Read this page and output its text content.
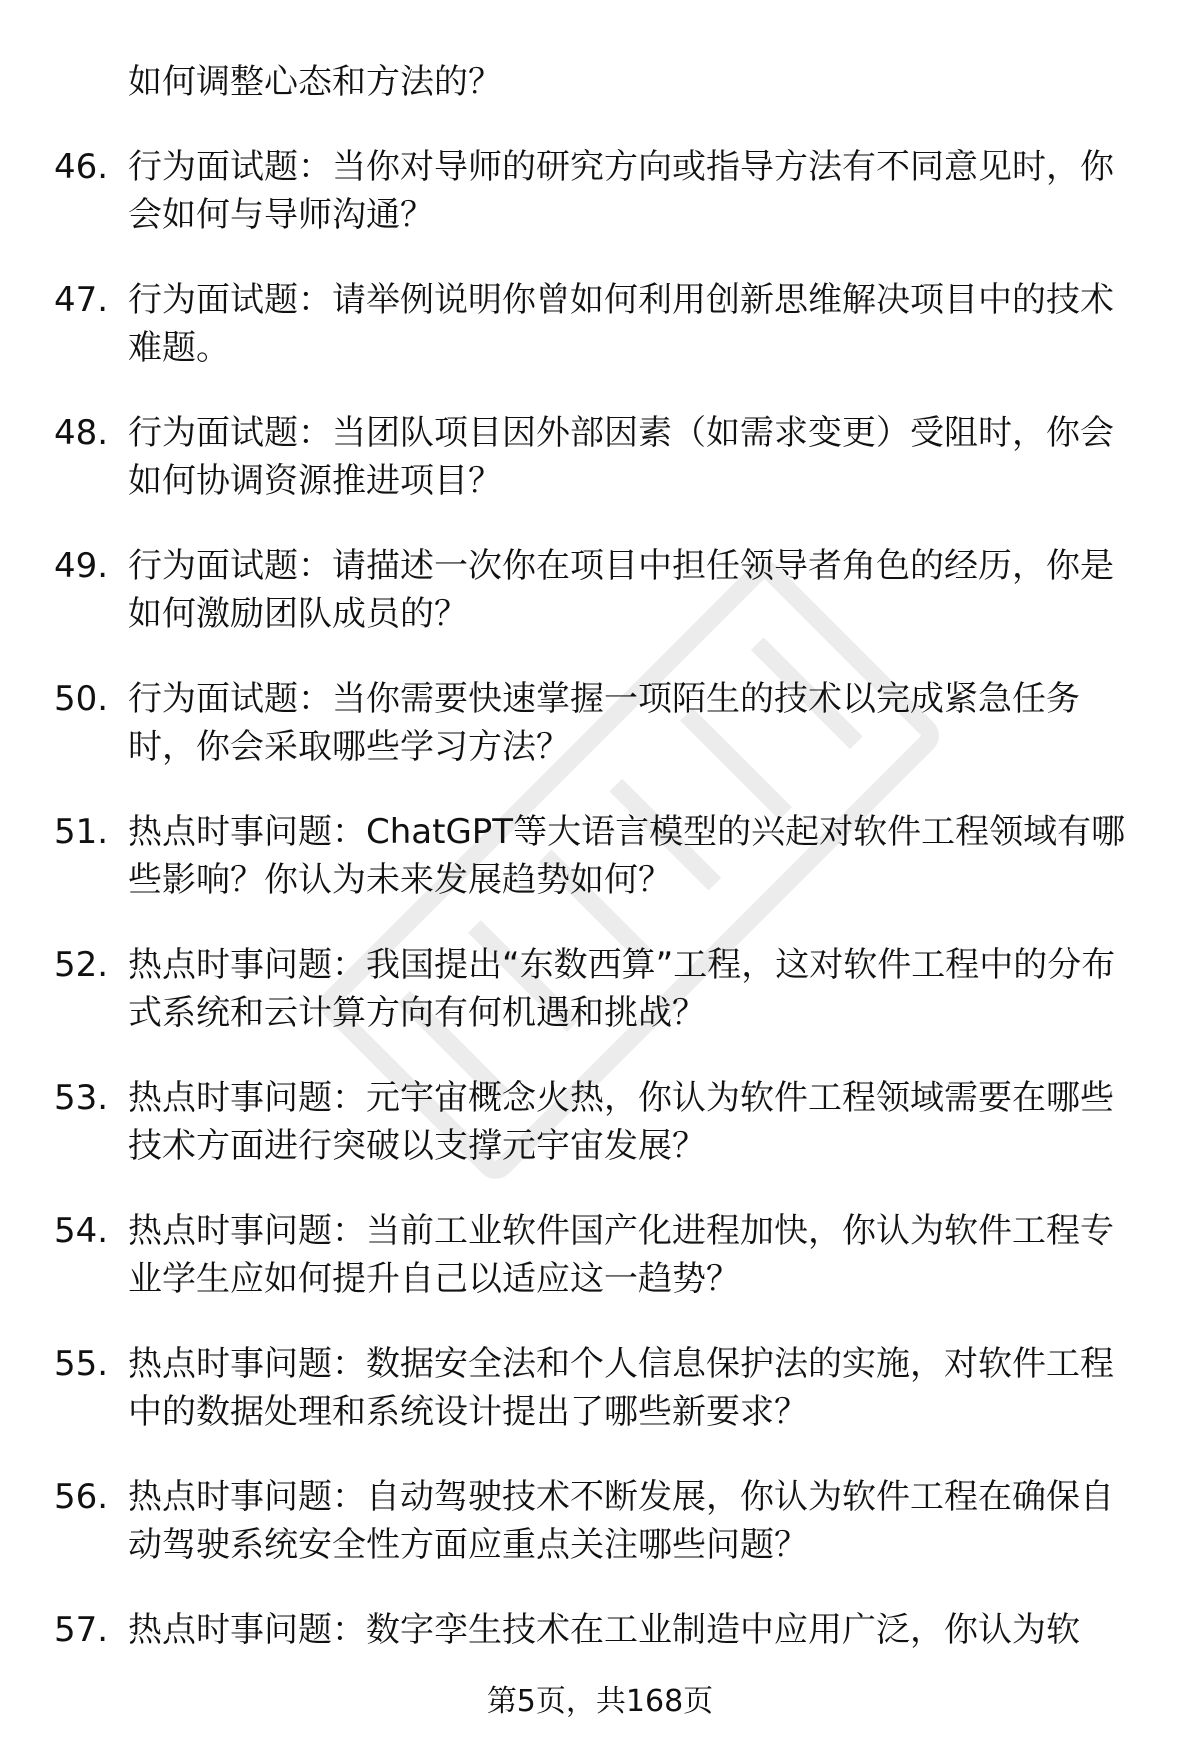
如何调整心态和方法的？
46. 行为面试题：当你对导师的研究方向或指导方法有不同意见时，你会如何与导师沟通？
47. 行为面试题：请举例说明你曾如何利用创新思维解决项目中的技术难题。
48. 行为面试题：当团队项目因外部因素（如需求变更）受阻时，你会如何协调资源推进项目？
49. 行为面试题：请描述一次你在项目中担任领导者角色的经历，你是如何激励团队成员的？
50. 行为面试题：当你需要快速掌握一项陌生的技术以完成紧急任务时，你会采取哪些学习方法？
51. 热点时事问题：ChatGPT等大语言模型的兴起对软件工程领域有哪些影响？你认为未来发展趋势如何？
52. 热点时事问题：我国提出“东数西算”工程，这对软件工程中的分布式系统和云计算方向有何机遇和挑战？
53. 热点时事问题：元宇宙概念火热，你认为软件工程领域需要在哪些技术方面进行突破以支撑元宇宙发展？
54. 热点时事问题：当前工业软件国产化进程加快，你认为软件工程专业学生应如何提升自己以适应这一趋势？
55. 热点时事问题：数据安全法和个人信息保护法的实施，对软件工程中的数据处理和系统设计提出了哪些新要求？
56. 热点时事问题：自动驾驶技术不断发展，你认为软件工程在确保自动驾驶系统安全性方面应重点关注哪些问题？
57. 热点时事问题：数字孪生技术在工业制造中应用广泛，你认为软
第5页，共168页
